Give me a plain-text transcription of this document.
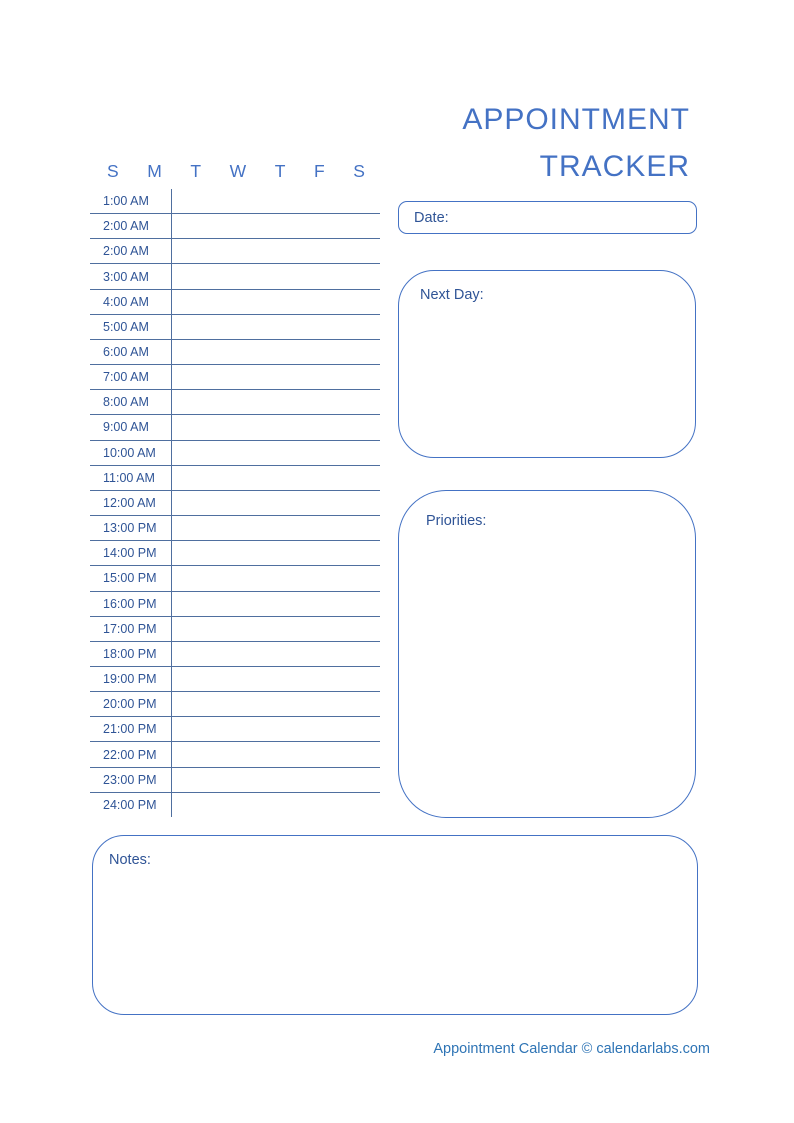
APPOINTMENT
TRACKER
S M T W T F S
1:00 AM
2:00 AM
2:00 AM
3:00 AM
4:00 AM
5:00 AM
6:00 AM
7:00 AM
8:00 AM
9:00 AM
10:00 AM
11:00 AM
12:00 AM
13:00 PM
14:00 PM
15:00 PM
16:00 PM
17:00 PM
18:00 PM
19:00 PM
20:00 PM
21:00 PM
22:00 PM
23:00 PM
24:00 PM
Date:
Next Day:
Priorities:
Notes:
Appointment Calendar © calendarlabs.com
